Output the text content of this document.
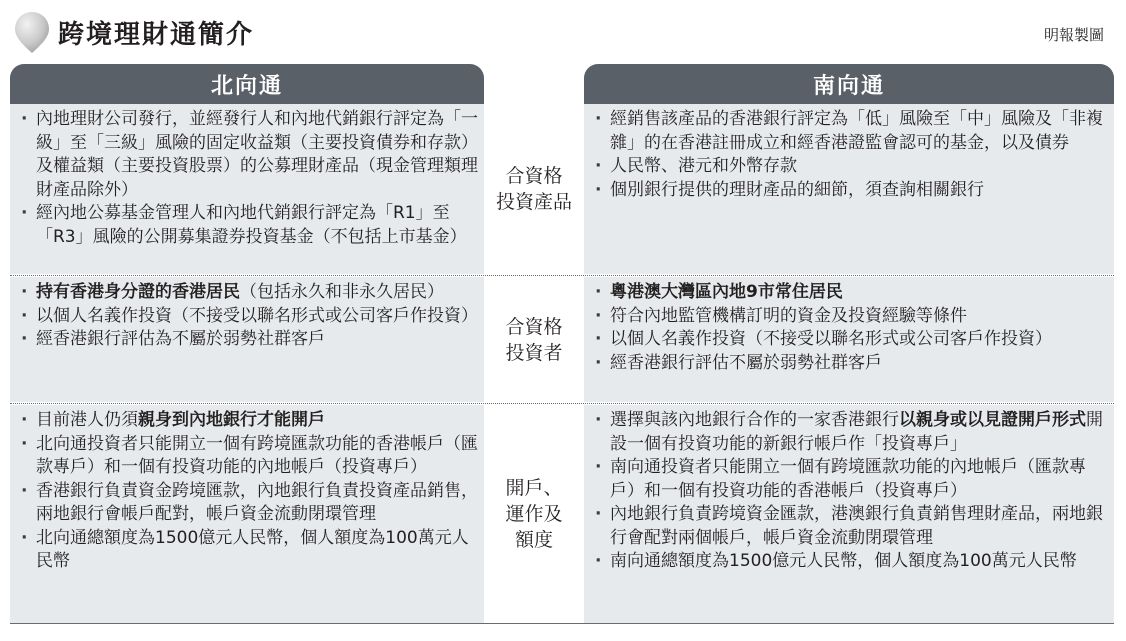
跨境理財通簡介	明報製圖
北向通	南向通
· 內地理財公司發行，並經發行人和內地代銷銀行評定為「一級」至「三級」風險的固定收益類（主要投資債券和存款）及權益類（主要投資股票）的公募理財產品（現金管理類理財產品除外）
· 經內地公募基金管理人和內地代銷銀行評定為「R1」至「R3」風險的公開募集證券投資基金（不包括上市基金）
合資格
投資產品
· 經銷售該產品的香港銀行評定為「低」風險至「中」風險及「非複雜」的在香港註冊成立和經香港證監會認可的基金，以及債券
· 人民幣、港元和外幣存款
· 個別銀行提供的理財產品的細節，須查詢相關銀行
· 持有香港身分證的香港居民（包括永久和非永久居民）
· 以個人名義作投資（不接受以聯名形式或公司客戶作投資）
· 經香港銀行評估為不屬於弱勢社群客戶
合資格
投資者
· 粵港澳大灣區內地9市常住居民
· 符合內地監管機構訂明的資金及投資經驗等條件
· 以個人名義作投資（不接受以聯名形式或公司客戶作投資）
· 經香港銀行評估不屬於弱勢社群客戶
· 目前港人仍須親身到內地銀行才能開戶
· 北向通投資者只能開立一個有跨境匯款功能的香港帳戶（匯款專戶）和一個有投資功能的內地帳戶（投資專戶）
· 香港銀行負責資金跨境匯款，內地銀行負責投資產品銷售，兩地銀行會帳戶配對，帳戶資金流動閉環管理
· 北向通總額度為1500億元人民幣，個人額度為100萬元人民幣
開戶、
運作及
額度
· 選擇與該內地銀行合作的一家香港銀行以親身或以見證開戶形式開設一個有投資功能的新銀行帳戶作「投資專戶」
· 南向通投資者只能開立一個有跨境匯款功能的內地帳戶（匯款專戶）和一個有投資功能的香港帳戶（投資專戶）
· 內地銀行負責跨境資金匯款，港澳銀行負責銷售理財產品，兩地銀行會配對兩個帳戶，帳戶資金流動閉環管理
· 南向通總額度為1500億元人民幣，個人額度為100萬元人民幣
